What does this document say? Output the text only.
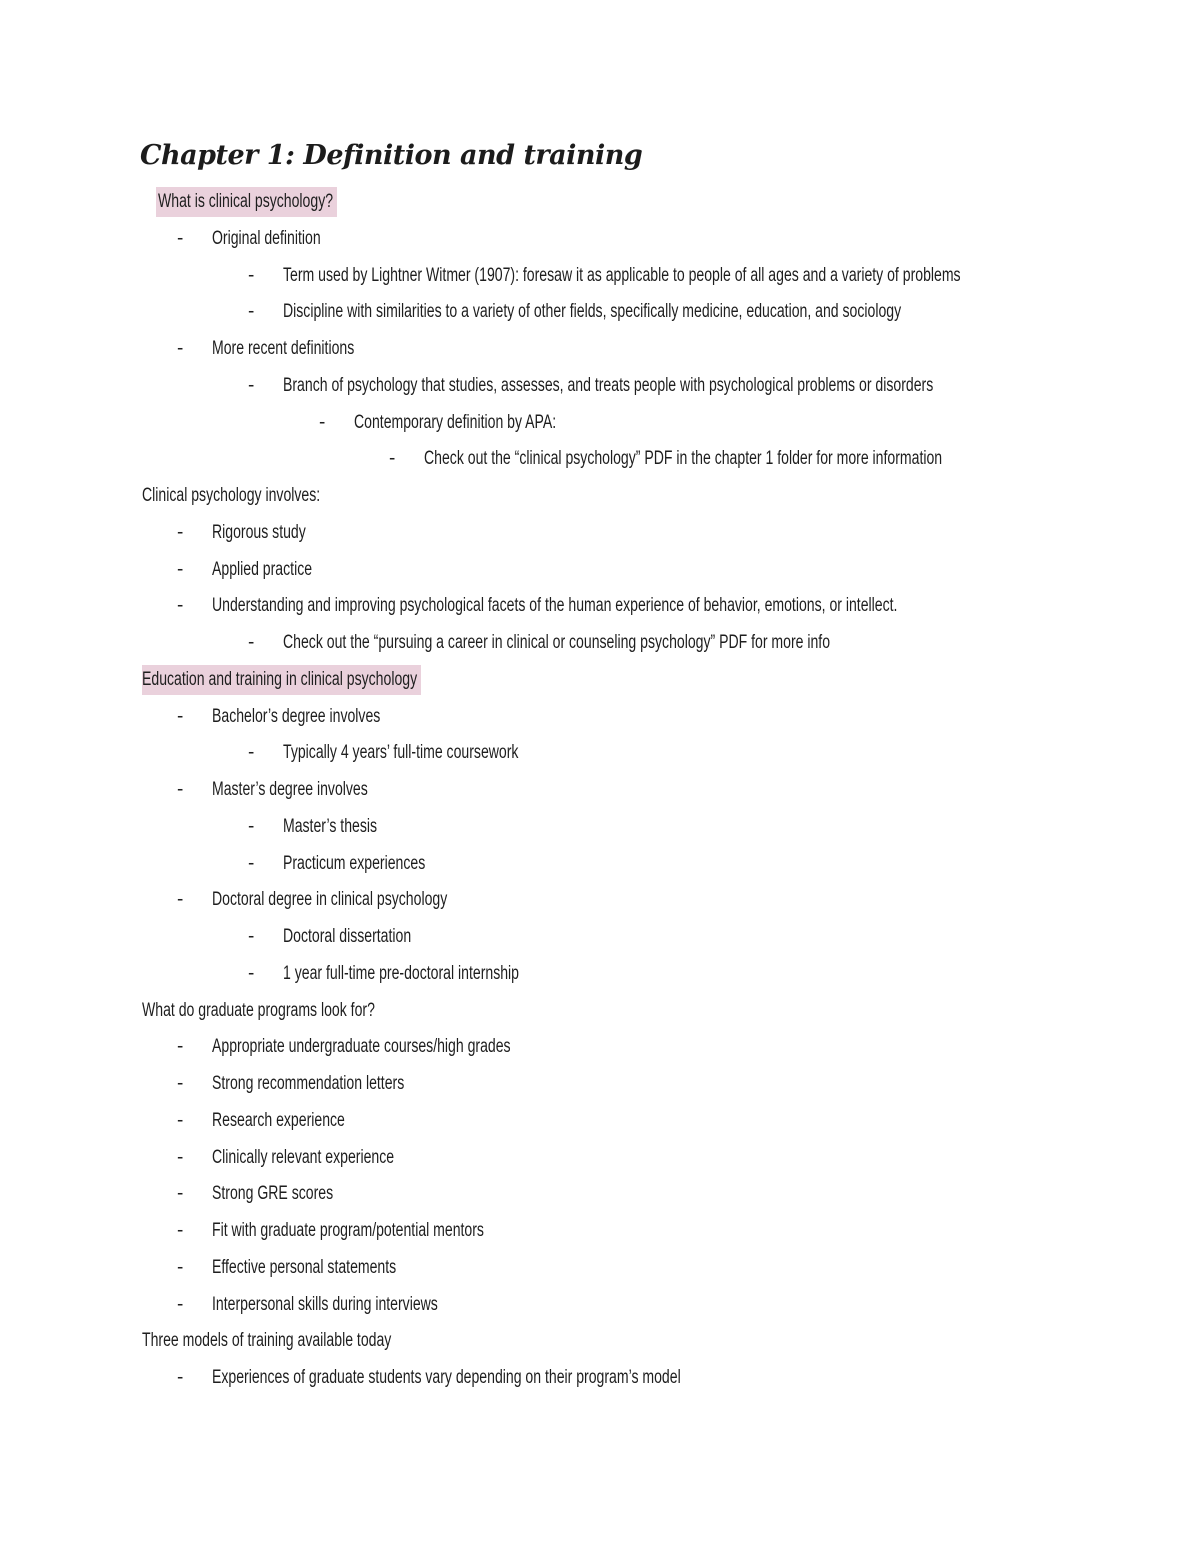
Chapter 1: Definition and training
What is clinical psychology?
- Original definition
- Term used by Lightner Witmer (1907): foresaw it as applicable to people of all ages and a variety of problems
- Discipline with similarities to a variety of other fields, specifically medicine, education, and sociology
- More recent definitions
- Branch of psychology that studies, assesses, and treats people with psychological problems or disorders
- Contemporary definition by APA:
- Check out the “clinical psychology” PDF in the chapter 1 folder for more information
Clinical psychology involves:
- Rigorous study
- Applied practice
- Understanding and improving psychological facets of the human experience of behavior, emotions, or intellect.
- Check out the “pursuing a career in clinical or counseling psychology” PDF for more info
Education and training in clinical psychology
- Bachelor’s degree involves
- Typically 4 years’ full-time coursework
- Master’s degree involves
- Master’s thesis
- Practicum experiences
- Doctoral degree in clinical psychology
- Doctoral dissertation
- 1 year full-time pre-doctoral internship
What do graduate programs look for?
- Appropriate undergraduate courses/high grades
- Strong recommendation letters
- Research experience
- Clinically relevant experience
- Strong GRE scores
- Fit with graduate program/potential mentors
- Effective personal statements
- Interpersonal skills during interviews
Three models of training available today
- Experiences of graduate students vary depending on their program’s model
